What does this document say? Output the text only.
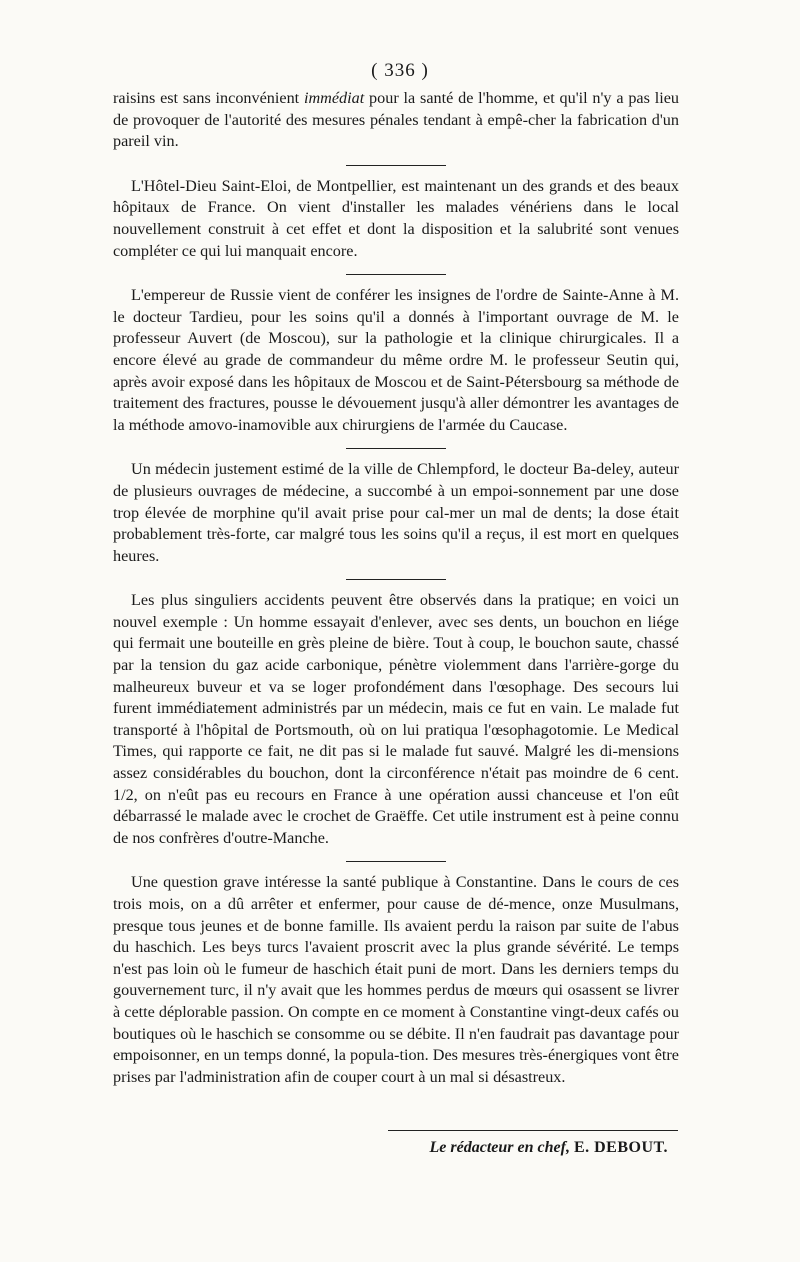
( 336 )

raisins est sans inconvénient immédiat pour la santé de l'homme, et qu'il n'y a pas lieu de provoquer de l'autorité des mesures pénales tendant à empê-cher la fabrication d'un pareil vin.

L'Hôtel-Dieu Saint-Eloi, de Montpellier, est maintenant un des grands et des beaux hôpitaux de France. On vient d'installer les malades vénériens dans le local nouvellement construit à cet effet et dont la disposition et la salubrité sont venues compléter ce qui lui manquait encore.

L'empereur de Russie vient de conférer les insignes de l'ordre de Sainte-Anne à M. le docteur Tardieu, pour les soins qu'il a donnés à l'important ouvrage de M. le professeur Auvert (de Moscou), sur la pathologie et la clinique chirurgicales. Il a encore élevé au grade de commandeur du même ordre M. le professeur Seutin qui, après avoir exposé dans les hôpitaux de Moscou et de Saint-Pétersbourg sa méthode de traitement des fractures, pousse le dévouement jusqu'à aller démontrer les avantages de la méthode amovo-inamovible aux chirurgiens de l'armée du Caucase.

Un médecin justement estimé de la ville de Chlempford, le docteur Ba-deley, auteur de plusieurs ouvrages de médecine, a succombé à un empoi-sonnement par une dose trop élevée de morphine qu'il avait prise pour cal-mer un mal de dents; la dose était probablement très-forte, car malgré tous les soins qu'il a reçus, il est mort en quelques heures.

Les plus singuliers accidents peuvent être observés dans la pratique; en voici un nouvel exemple : Un homme essayait d'enlever, avec ses dents, un bouchon en liége qui fermait une bouteille en grès pleine de bière. Tout à coup, le bouchon saute, chassé par la tension du gaz acide carbonique, pénètre violemment dans l'arrière-gorge du malheureux buveur et va se loger profondément dans l'œsophage. Des secours lui furent immédiatement administrés par un médecin, mais ce fut en vain. Le malade fut transporté à l'hôpital de Portsmouth, où on lui pratiqua l'œsophagotomie. Le Medical Times, qui rapporte ce fait, ne dit pas si le malade fut sauvé. Malgré les di-mensions assez considérables du bouchon, dont la circonférence n'était pas moindre de 6 cent. 1/2, on n'eût pas eu recours en France à une opération aussi chanceuse et l'on eût débarrassé le malade avec le crochet de Graëffe. Cet utile instrument est à peine connu de nos confrères d'outre-Manche.

Une question grave intéresse la santé publique à Constantine. Dans le cours de ces trois mois, on a dû arrêter et enfermer, pour cause de dé-mence, onze Musulmans, presque tous jeunes et de bonne famille. Ils avaient perdu la raison par suite de l'abus du haschich. Les beys turcs l'avaient proscrit avec la plus grande sévérité. Le temps n'est pas loin où le fumeur de haschich était puni de mort. Dans les derniers temps du gouvernement turc, il n'y avait que les hommes perdus de mœurs qui osassent se livrer à cette déplorable passion. On compte en ce moment à Constantine vingt-deux cafés ou boutiques où le haschich se consomme ou se débite. Il n'en faudrait pas davantage pour empoisonner, en un temps donné, la popula-tion. Des mesures très-énergiques vont être prises par l'administration afin de couper court à un mal si désastreux.

Le rédacteur en chef, E. DEBOUT.
